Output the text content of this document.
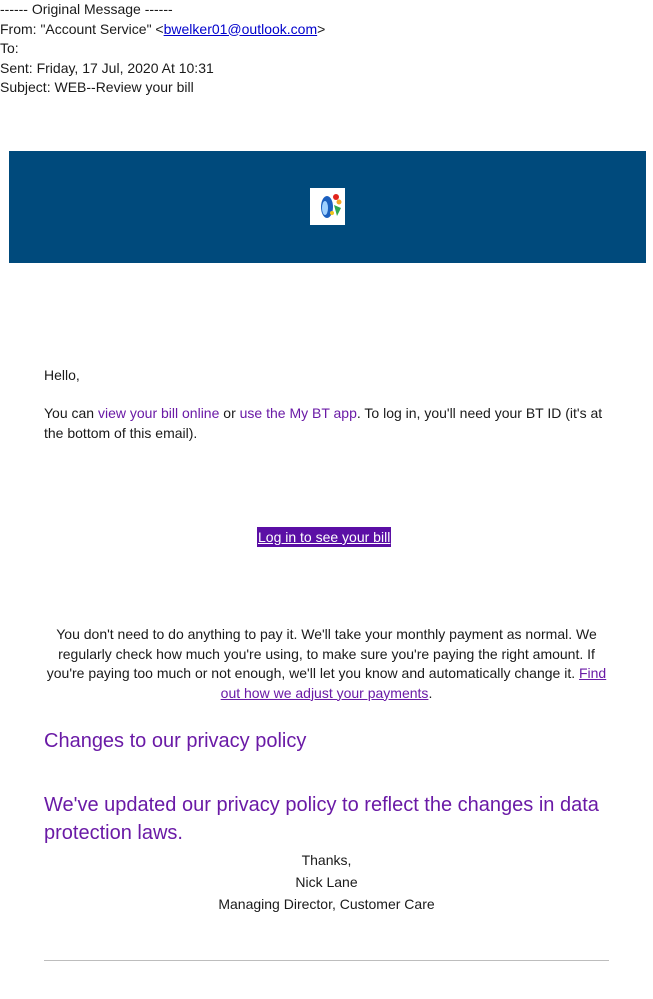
------ Original Message ------
From: "Account Service" <bwelker01@outlook.com>
To:
Sent: Friday, 17 Jul, 2020 At 10:31
Subject: WEB--Review your bill
Hello,
You can view your bill online or use the My BT app. To log in, you'll need your BT ID (it's at the bottom of this email).
Log in to see your bill
You don't need to do anything to pay it. We'll take your monthly payment as normal. We regularly check how much you're using, to make sure you're paying the right amount. If you're paying too much or not enough, we'll let you know and automatically change it. Find out how we adjust your payments.
Changes to our privacy policy
We've updated our privacy policy to reflect the changes in data protection laws.
Thanks,
Nick Lane
Managing Director, Customer Care
